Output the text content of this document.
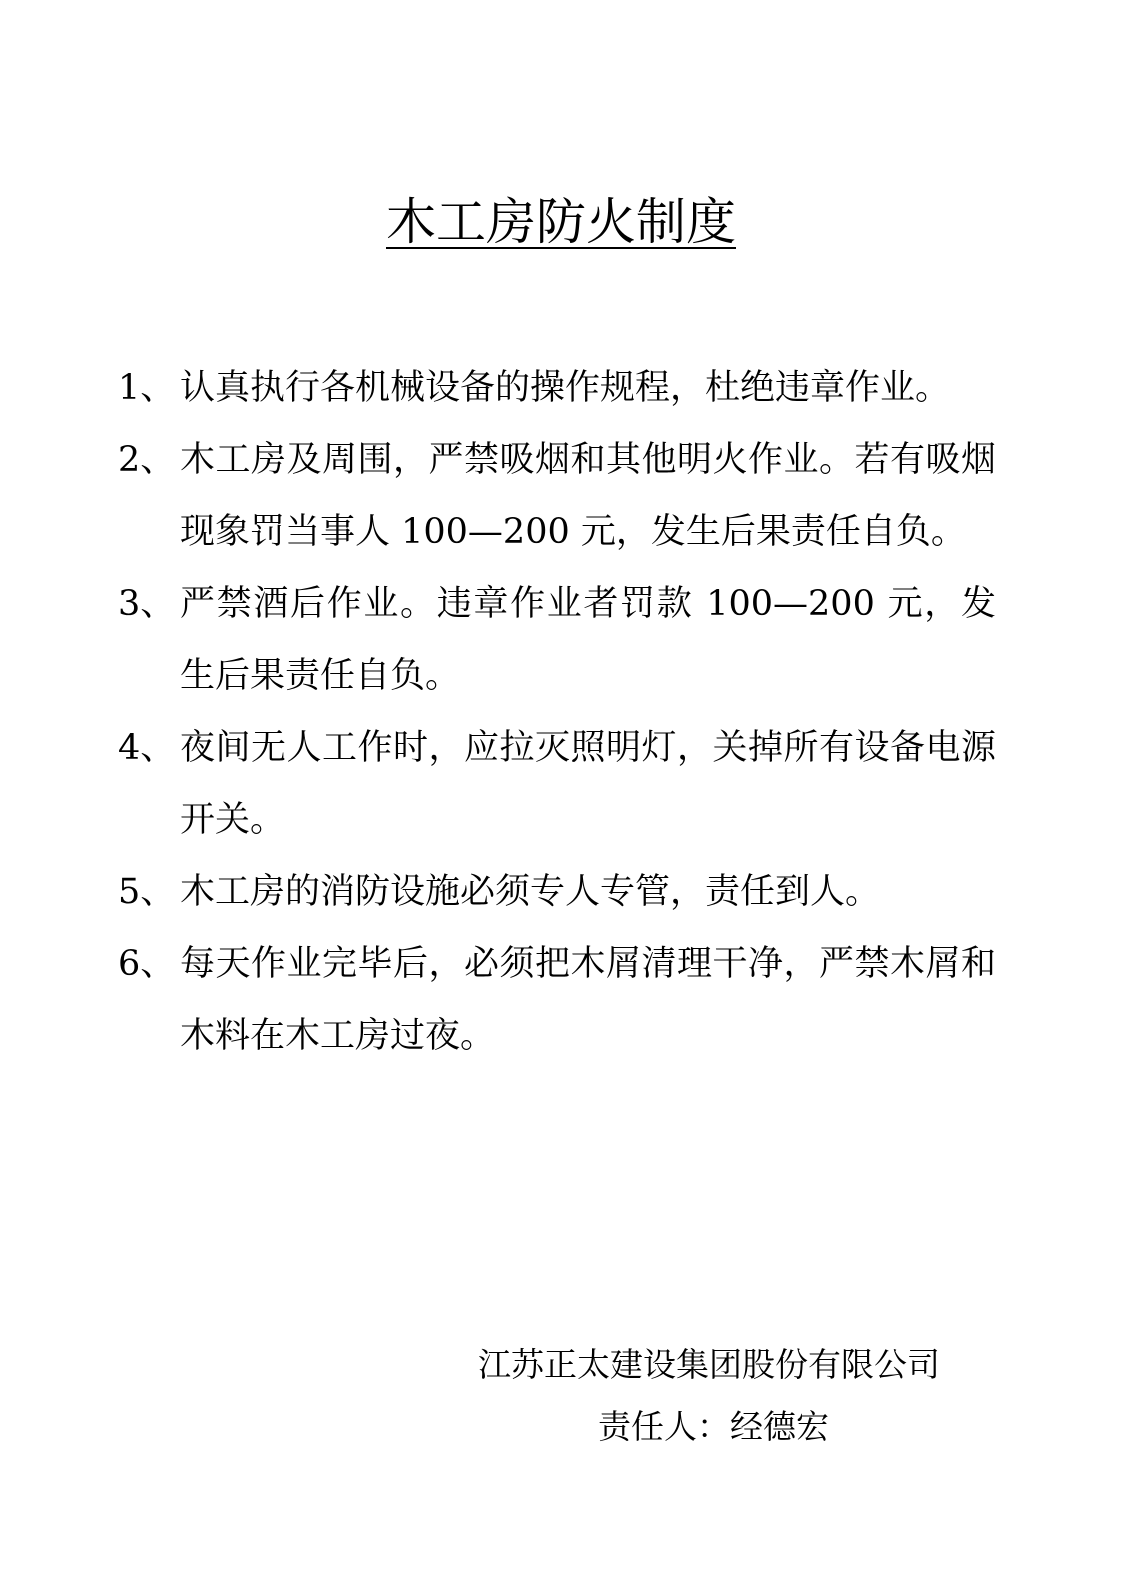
木工房防火制度
1、 认真执行各机械设备的操作规程，杜绝违章作业。
2、 木工房及周围，严禁吸烟和其他明火作业。若有吸烟现象罚当事人 100—200 元，发生后果责任自负。
3、 严禁酒后作业。违章作业者罚款 100—200 元，发生后果责任自负。
4、 夜间无人工作时，应拉灭照明灯，关掉所有设备电源开关。
5、 木工房的消防设施必须专人专管，责任到人。
6、 每天作业完毕后，必须把木屑清理干净，严禁木屑和木料在木工房过夜。
江苏正太建设集团股份有限公司
责任人：经德宏
